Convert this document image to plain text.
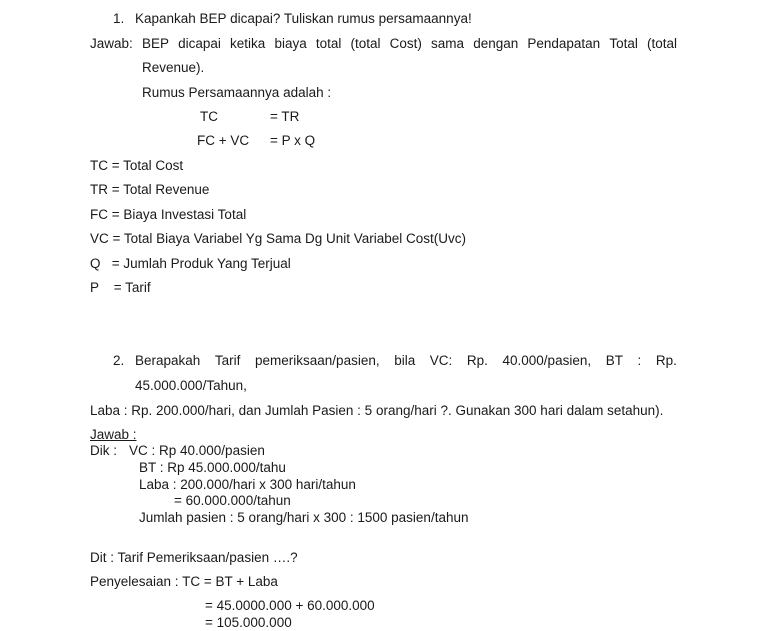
1. Kapankah BEP dicapai? Tuliskan rumus persamaannya!
Jawab: BEP dicapai ketika biaya total (total Cost) sama dengan Pendapatan Total (total
Revenue).
Rumus Persamaannya adalah :
TC	= TR
FC + VC = P x Q
TC = Total Cost
TR = Total Revenue
FC = Biaya Investasi Total
VC = Total Biaya Variabel Yg Sama Dg Unit Variabel Cost(Uvc)
Q   = Jumlah Produk Yang Terjual
P    = Tarif
2. Berapakah Tarif pemeriksaan/pasien, bila VC: Rp. 40.000/pasien, BT : Rp.
45.000.000/Tahun,
Laba : Rp. 200.000/hari, dan Jumlah Pasien : 5 orang/hari ?. Gunakan 300 hari dalam setahun).
Jawab :
Dik : VC : Rp 40.000/pasien
BT : Rp 45.000.000/tahu
Laba : 200.000/hari x 300 hari/tahun
= 60.000.000/tahun
Jumlah pasien : 5 orang/hari x 300 : 1500 pasien/tahun
Dit : Tarif Pemeriksaan/pasien ….?
Penyelesaian : TC = BT + Laba
= 45.0000.000 + 60.000.000
= 105.000.000
